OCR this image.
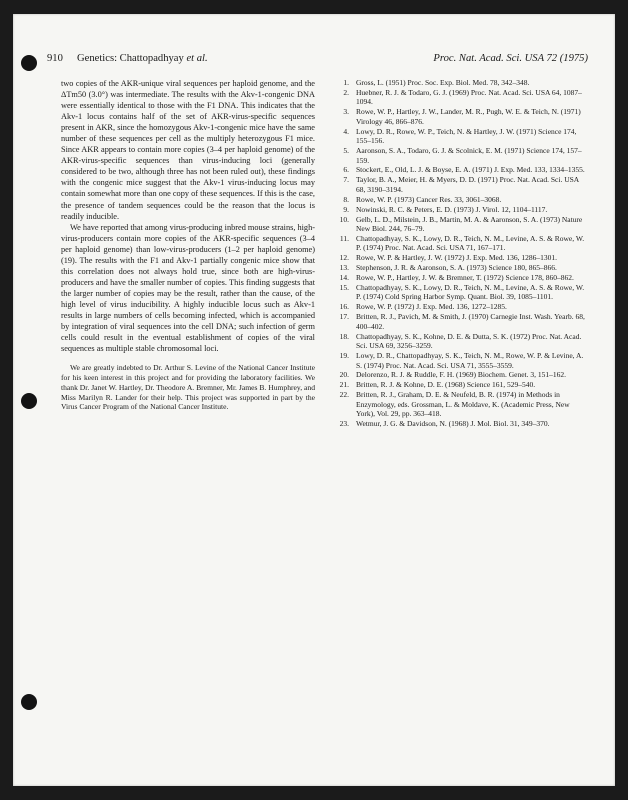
910 Genetics: Chattopadhyay et al.	Proc. Nat. Acad. Sci. USA 72 (1975)

two copies of the AKR-unique viral sequences per haploid genome, and the ΔTm50 (3.0°) was intermediate. The results with the Akv-1-congenic DNA were essentially identical to those with the F1 DNA. This indicates that the Akv-1 locus contains half of the set of AKR-virus-specific sequences present in AKR, since the homozygous Akv-1-congenic mice have the same number of these sequences per cell as the multiply heterozygous F1 mice. Since AKR appears to contain more copies (3–4 per haploid genome) of the AKR-virus-specific sequences than virus-inducing loci (generally considered to be two, although three has not been ruled out), these findings with the congenic mice suggest that the Akv-1 virus-inducing locus may contain somewhat more than one copy of these sequences. If this is the case, the presence of tandem sequences could be the reason that the locus is readily inducible.

We have reported that among virus-producing inbred mouse strains, high-virus-producers contain more copies of the AKR-specific sequences (3–4 per haploid genome) than low-virus-producers (1–2 per haploid genome) (19). The results with the F1 and Akv-1 partially congenic mice show that this correlation does not always hold true, since both are high-virus-producers and have the smaller number of copies. This finding suggests that the larger number of copies may be the result, rather than the cause, of the high level of virus inducibility. A highly inducible locus such as Akv-1 results in large numbers of cells becoming infected, which is accompanied by integration of viral sequences into the cell DNA; such infection of germ cells could result in the eventual establishment of copies of the viral sequences as multiple stable chromosomal loci.

We are greatly indebted to Dr. Arthur S. Levine of the National Cancer Institute for his keen interest in this project and for providing the laboratory facilities. We thank Dr. Janet W. Hartley, Dr. Theodore A. Bremner, Mr. James B. Humphrey, and Miss Marilyn R. Lander for their help. This project was supported in part by the Virus Cancer Program of the National Cancer Institute.

1. Gross, L. (1951) Proc. Soc. Exp. Biol. Med. 78, 342–348.
2. Huebner, R. J. & Todaro, G. J. (1969) Proc. Nat. Acad. Sci. USA 64, 1087–1094.
3. Rowe, W. P., Hartley, J. W., Lander, M. R., Pugh, W. E. & Teich, N. (1971) Virology 46, 866–876.
4. Lowy, D. R., Rowe, W. P., Teich, N. & Hartley, J. W. (1971) Science 174, 155–156.
5. Aaronson, S. A., Todaro, G. J. & Scolnick, E. M. (1971) Science 174, 157–159.
6. Stockert, E., Old, L. J. & Boyse, E. A. (1971) J. Exp. Med. 133, 1334–1355.
7. Taylor, B. A., Meier, H. & Myers, D. D. (1971) Proc. Nat. Acad. Sci. USA 68, 3190–3194.
8. Rowe, W. P. (1973) Cancer Res. 33, 3061–3068.
9. Nowinski, R. C. & Peters, E. D. (1973) J. Virol. 12, 1104–1117.
10. Gelb, L. D., Milstein, J. B., Martin, M. A. & Aaronson, S. A. (1973) Nature New Biol. 244, 76–79.
11. Chattopadhyay, S. K., Lowy, D. R., Teich, N. M., Levine, A. S. & Rowe, W. P. (1974) Proc. Nat. Acad. Sci. USA 71, 167–171.
12. Rowe, W. P. & Hartley, J. W. (1972) J. Exp. Med. 136, 1286–1301.
13. Stephenson, J. R. & Aaronson, S. A. (1973) Science 180, 865–866.
14. Rowe, W. P., Hartley, J. W. & Bremner, T. (1972) Science 178, 860–862.
15. Chattopadhyay, S. K., Lowy, D. R., Teich, N. M., Levine, A. S. & Rowe, W. P. (1974) Cold Spring Harbor Symp. Quant. Biol. 39, 1085–1101.
16. Rowe, W. P. (1972) J. Exp. Med. 136, 1272–1285.
17. Britten, R. J., Pavich, M. & Smith, J. (1970) Carnegie Inst. Wash. Yearb. 68, 400–402.
18. Chattopadhyay, S. K., Kohne, D. E. & Dutta, S. K. (1972) Proc. Nat. Acad. Sci. USA 69, 3256–3259.
19. Lowy, D. R., Chattopadhyay, S. K., Teich, N. M., Rowe, W. P. & Levine, A. S. (1974) Proc. Nat. Acad. Sci. USA 71, 3555–3559.
20. Delorenzo, R. J. & Ruddle, F. H. (1969) Biochem. Genet. 3, 151–162.
21. Britten, R. J. & Kohne, D. E. (1968) Science 161, 529–540.
22. Britten, R. J., Graham, D. E. & Neufeld, B. R. (1974) in Methods in Enzymology, eds. Grossman, L. & Moldave, K. (Academic Press, New York), Vol. 29, pp. 363–418.
23. Wetmur, J. G. & Davidson, N. (1968) J. Mol. Biol. 31, 349–370.
